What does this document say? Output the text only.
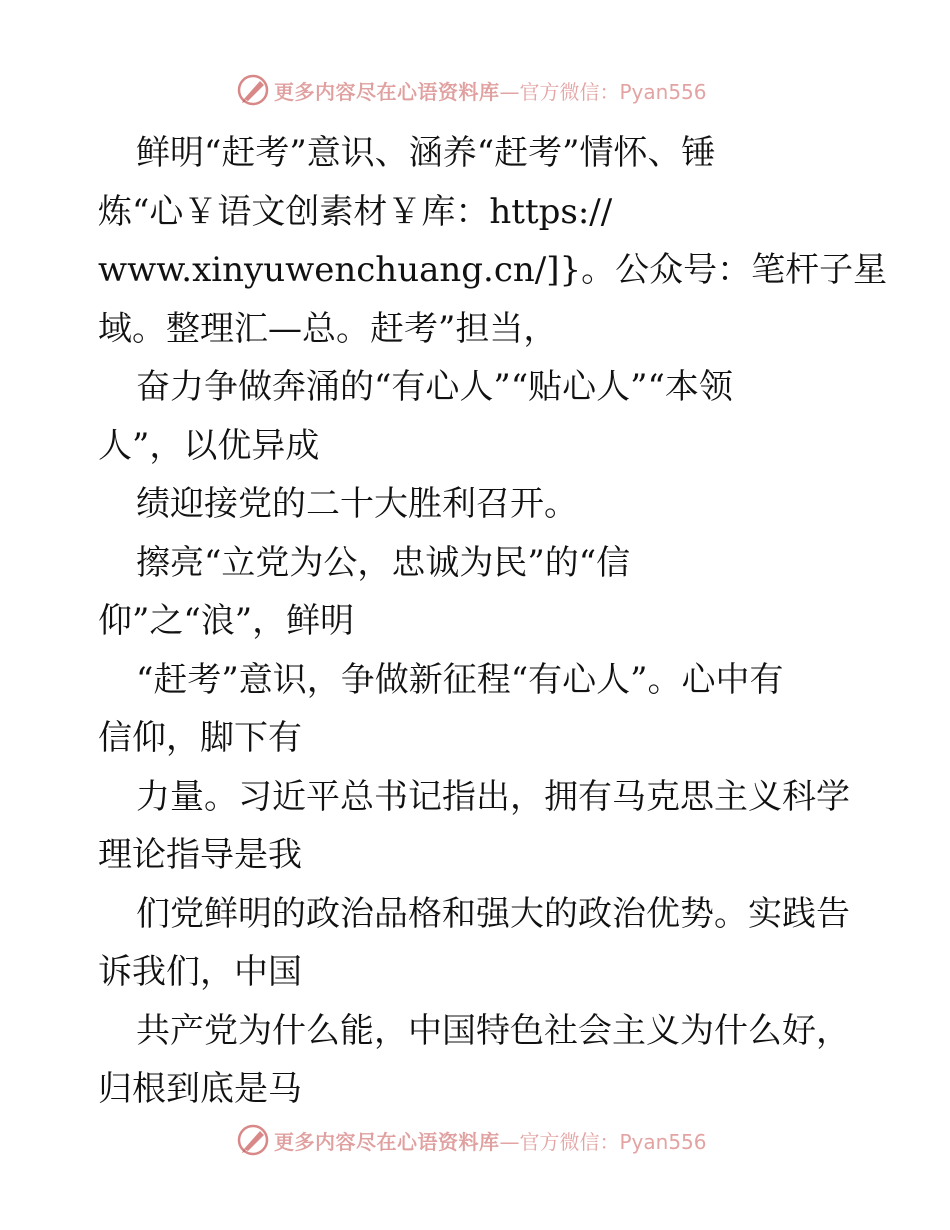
更多内容尽在心语资料库 —官方微信：Pyan556
鲜明“赶考”意识、涵养“赶考”情怀、锤
炼“心￥语文创素材￥库：https://
www.xinyuwenchuang.cn/]}。公众号：笔杆子星
域。整理汇—总。赶考”担当，
奋力争做奔涌的“有心人”“贴心人”“本领
人”，以优异成
绩迎接党的二十大胜利召开。
擦亮“立党为公，忠诚为民”的“信
仰”之“浪”，鲜明
“赶考”意识，争做新征程“有心人”。心中有
信仰，脚下有
力量。习近平总书记指出，拥有马克思主义科学
理论指导是我
们党鲜明的政治品格和强大的政治优势。实践告
诉我们，中国
共产党为什么能，中国特色社会主义为什么好，
归根到底是马
更多内容尽在心语资料库 —官方微信：Pyan556
